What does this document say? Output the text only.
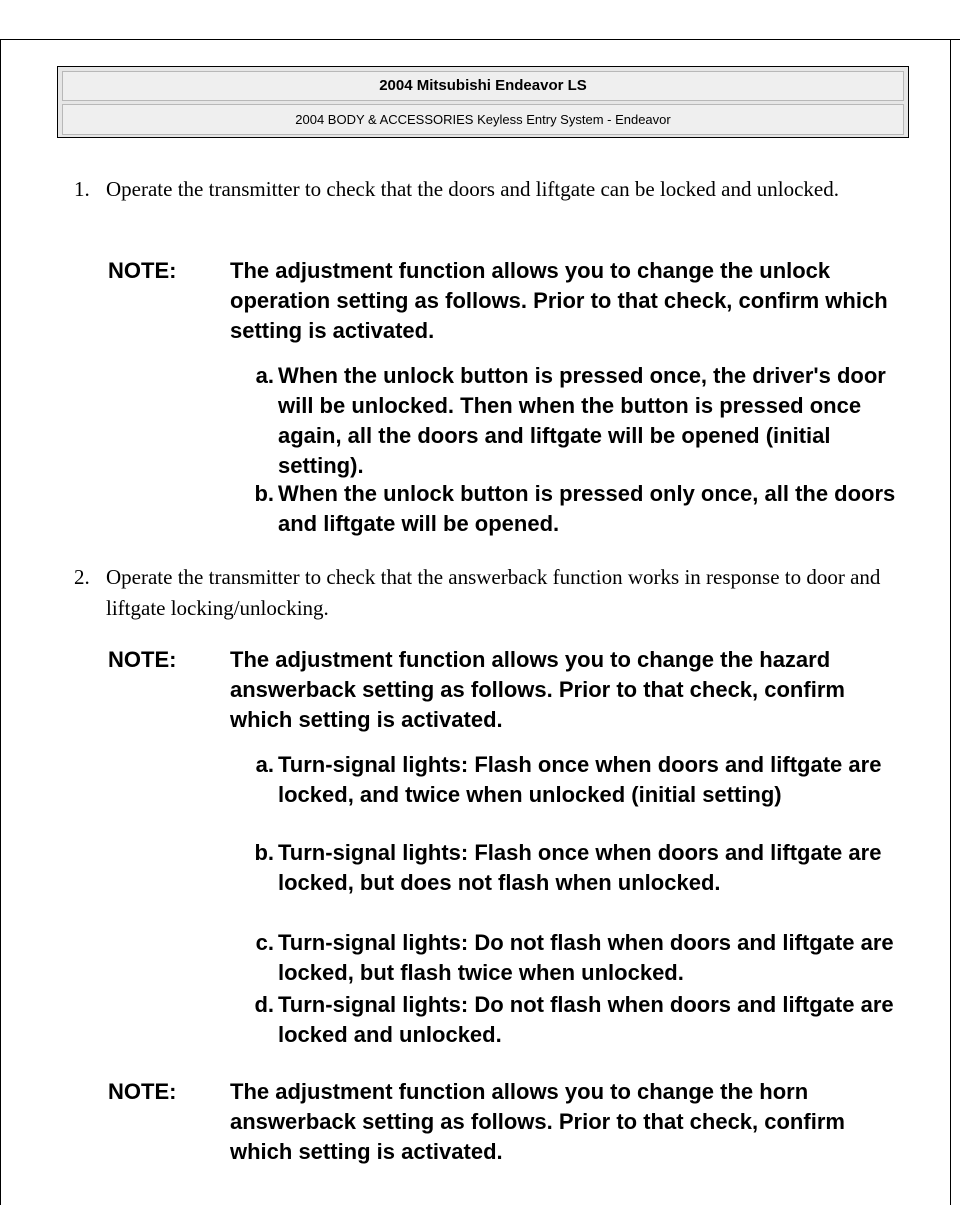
2004 Mitsubishi Endeavor LS
2004 BODY & ACCESSORIES Keyless Entry System - Endeavor
1. Operate the transmitter to check that the doors and liftgate can be locked and unlocked.
NOTE: The adjustment function allows you to change the unlock operation setting as follows. Prior to that check, confirm which setting is activated.
a. When the unlock button is pressed once, the driver's door will be unlocked. Then when the button is pressed once again, all the doors and liftgate will be opened (initial setting).
b. When the unlock button is pressed only once, all the doors and liftgate will be opened.
2. Operate the transmitter to check that the answerback function works in response to door and liftgate locking/unlocking.
NOTE: The adjustment function allows you to change the hazard answerback setting as follows. Prior to that check, confirm which setting is activated.
a. Turn-signal lights: Flash once when doors and liftgate are locked, and twice when unlocked (initial setting)
b. Turn-signal lights: Flash once when doors and liftgate are locked, but does not flash when unlocked.
c. Turn-signal lights: Do not flash when doors and liftgate are locked, but flash twice when unlocked.
d. Turn-signal lights: Do not flash when doors and liftgate are locked and unlocked.
NOTE: The adjustment function allows you to change the horn answerback setting as follows. Prior to that check, confirm which setting is activated.
